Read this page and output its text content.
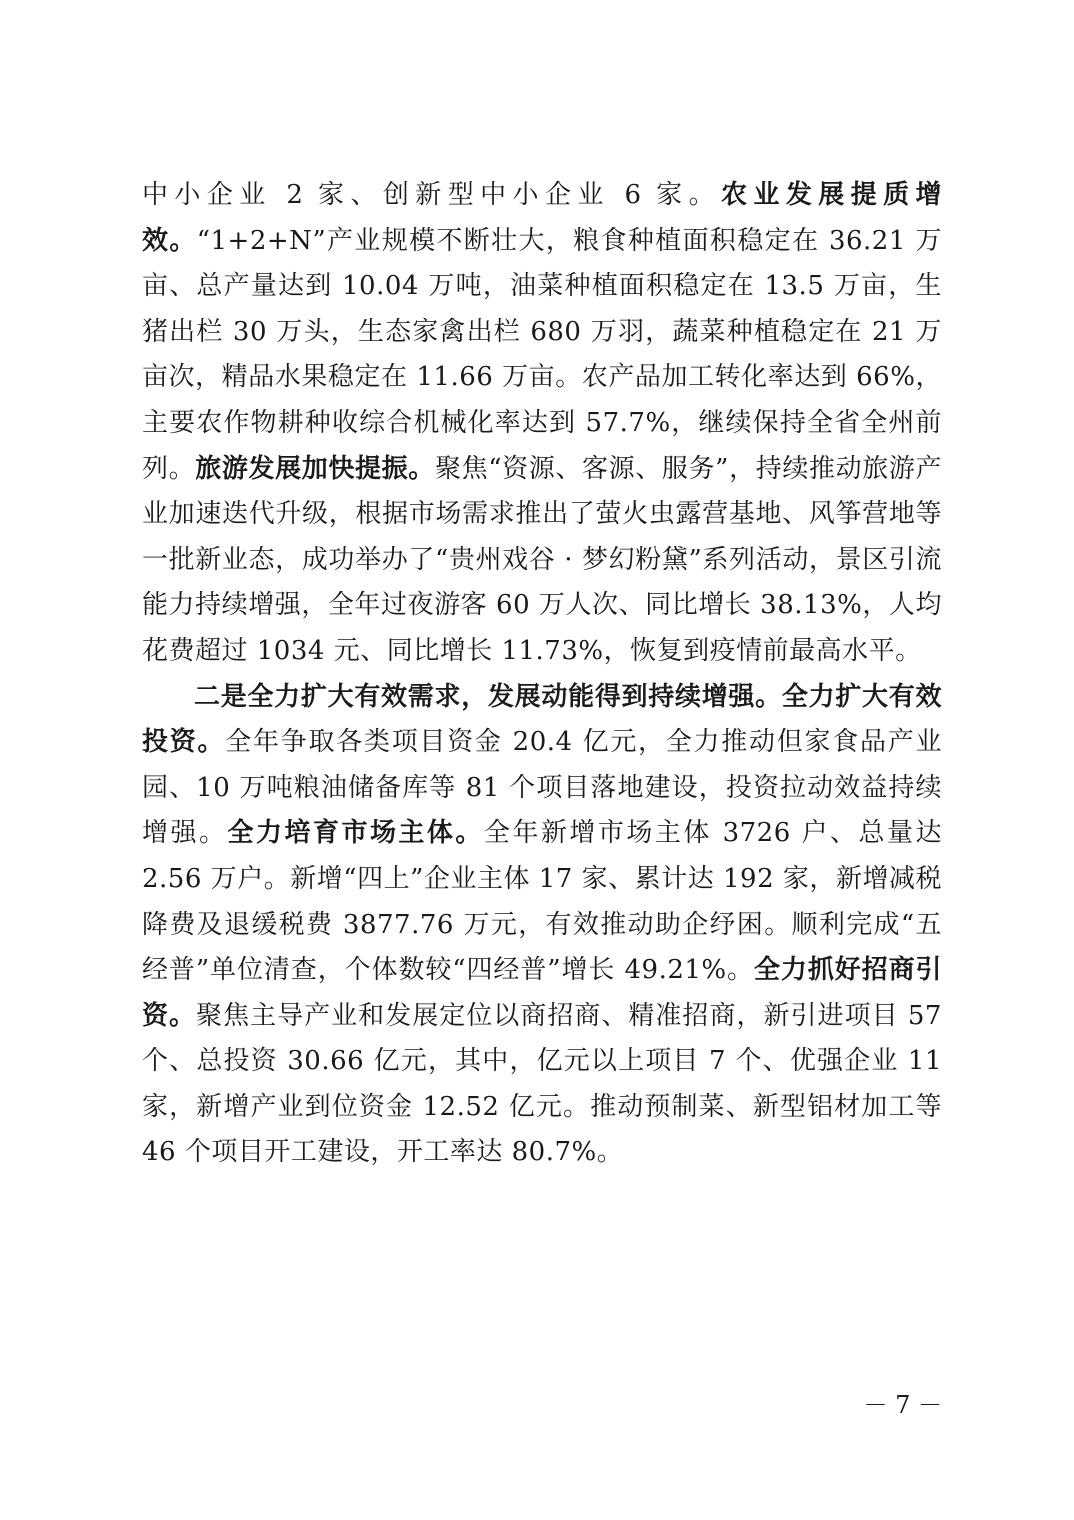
中小企业 2 家、创新型中小企业 6 家。农业发展提质增效。“1+2+N”产业规模不断壮大，粮食种植面积稳定在 36.21 万亩、总产量达到 10.04 万吨，油菜种植面积稳定在 13.5 万亩，生猪出栏 30 万头，生态家禽出栏 680 万羽，蔬菜种植稳定在 21 万亩次，精品水果稳定在 11.66 万亩。农产品加工转化率达到 66%，主要农作物耕种收综合机械化率达到 57.7%，继续保持全省全州前列。旅游发展加快提振。聚焦“资源、客源、服务”，持续推动旅游产业加速迭代升级，根据市场需求推出了萤火虫露营基地、风筝营地等一批新业态，成功举办了“贵州戏谷 · 梦幻粉黛”系列活动，景区引流能力持续增强，全年过夜游客 60 万人次、同比增长 38.13%，人均花费超过 1034 元、同比增长 11.73%，恢复到疫情前最高水平。

二是全力扩大有效需求，发展动能得到持续增强。全力扩大有效投资。全年争取各类项目资金 20.4 亿元，全力推动但家食品产业园、10 万吨粮油储备库等 81 个项目落地建设，投资拉动效益持续增强。全力培育市场主体。全年新增市场主体 3726 户、总量达 2.56 万户。新增“四上”企业主体 17 家、累计达 192 家，新增减税降费及退缓税费 3877.76 万元，有效推动助企纾困。顺利完成“五经普”单位清查，个体数较“四经普”增长 49.21%。全力抓好招商引资。聚焦主导产业和发展定位以商招商、精准招商，新引进项目 57 个、总投资 30.66 亿元，其中，亿元以上项目 7 个、优强企业 11 家，新增产业到位资金 12.52 亿元。推动预制菜、新型铝材加工等 46 个项目开工建设，开工率达 80.7%。

－ 7 －
